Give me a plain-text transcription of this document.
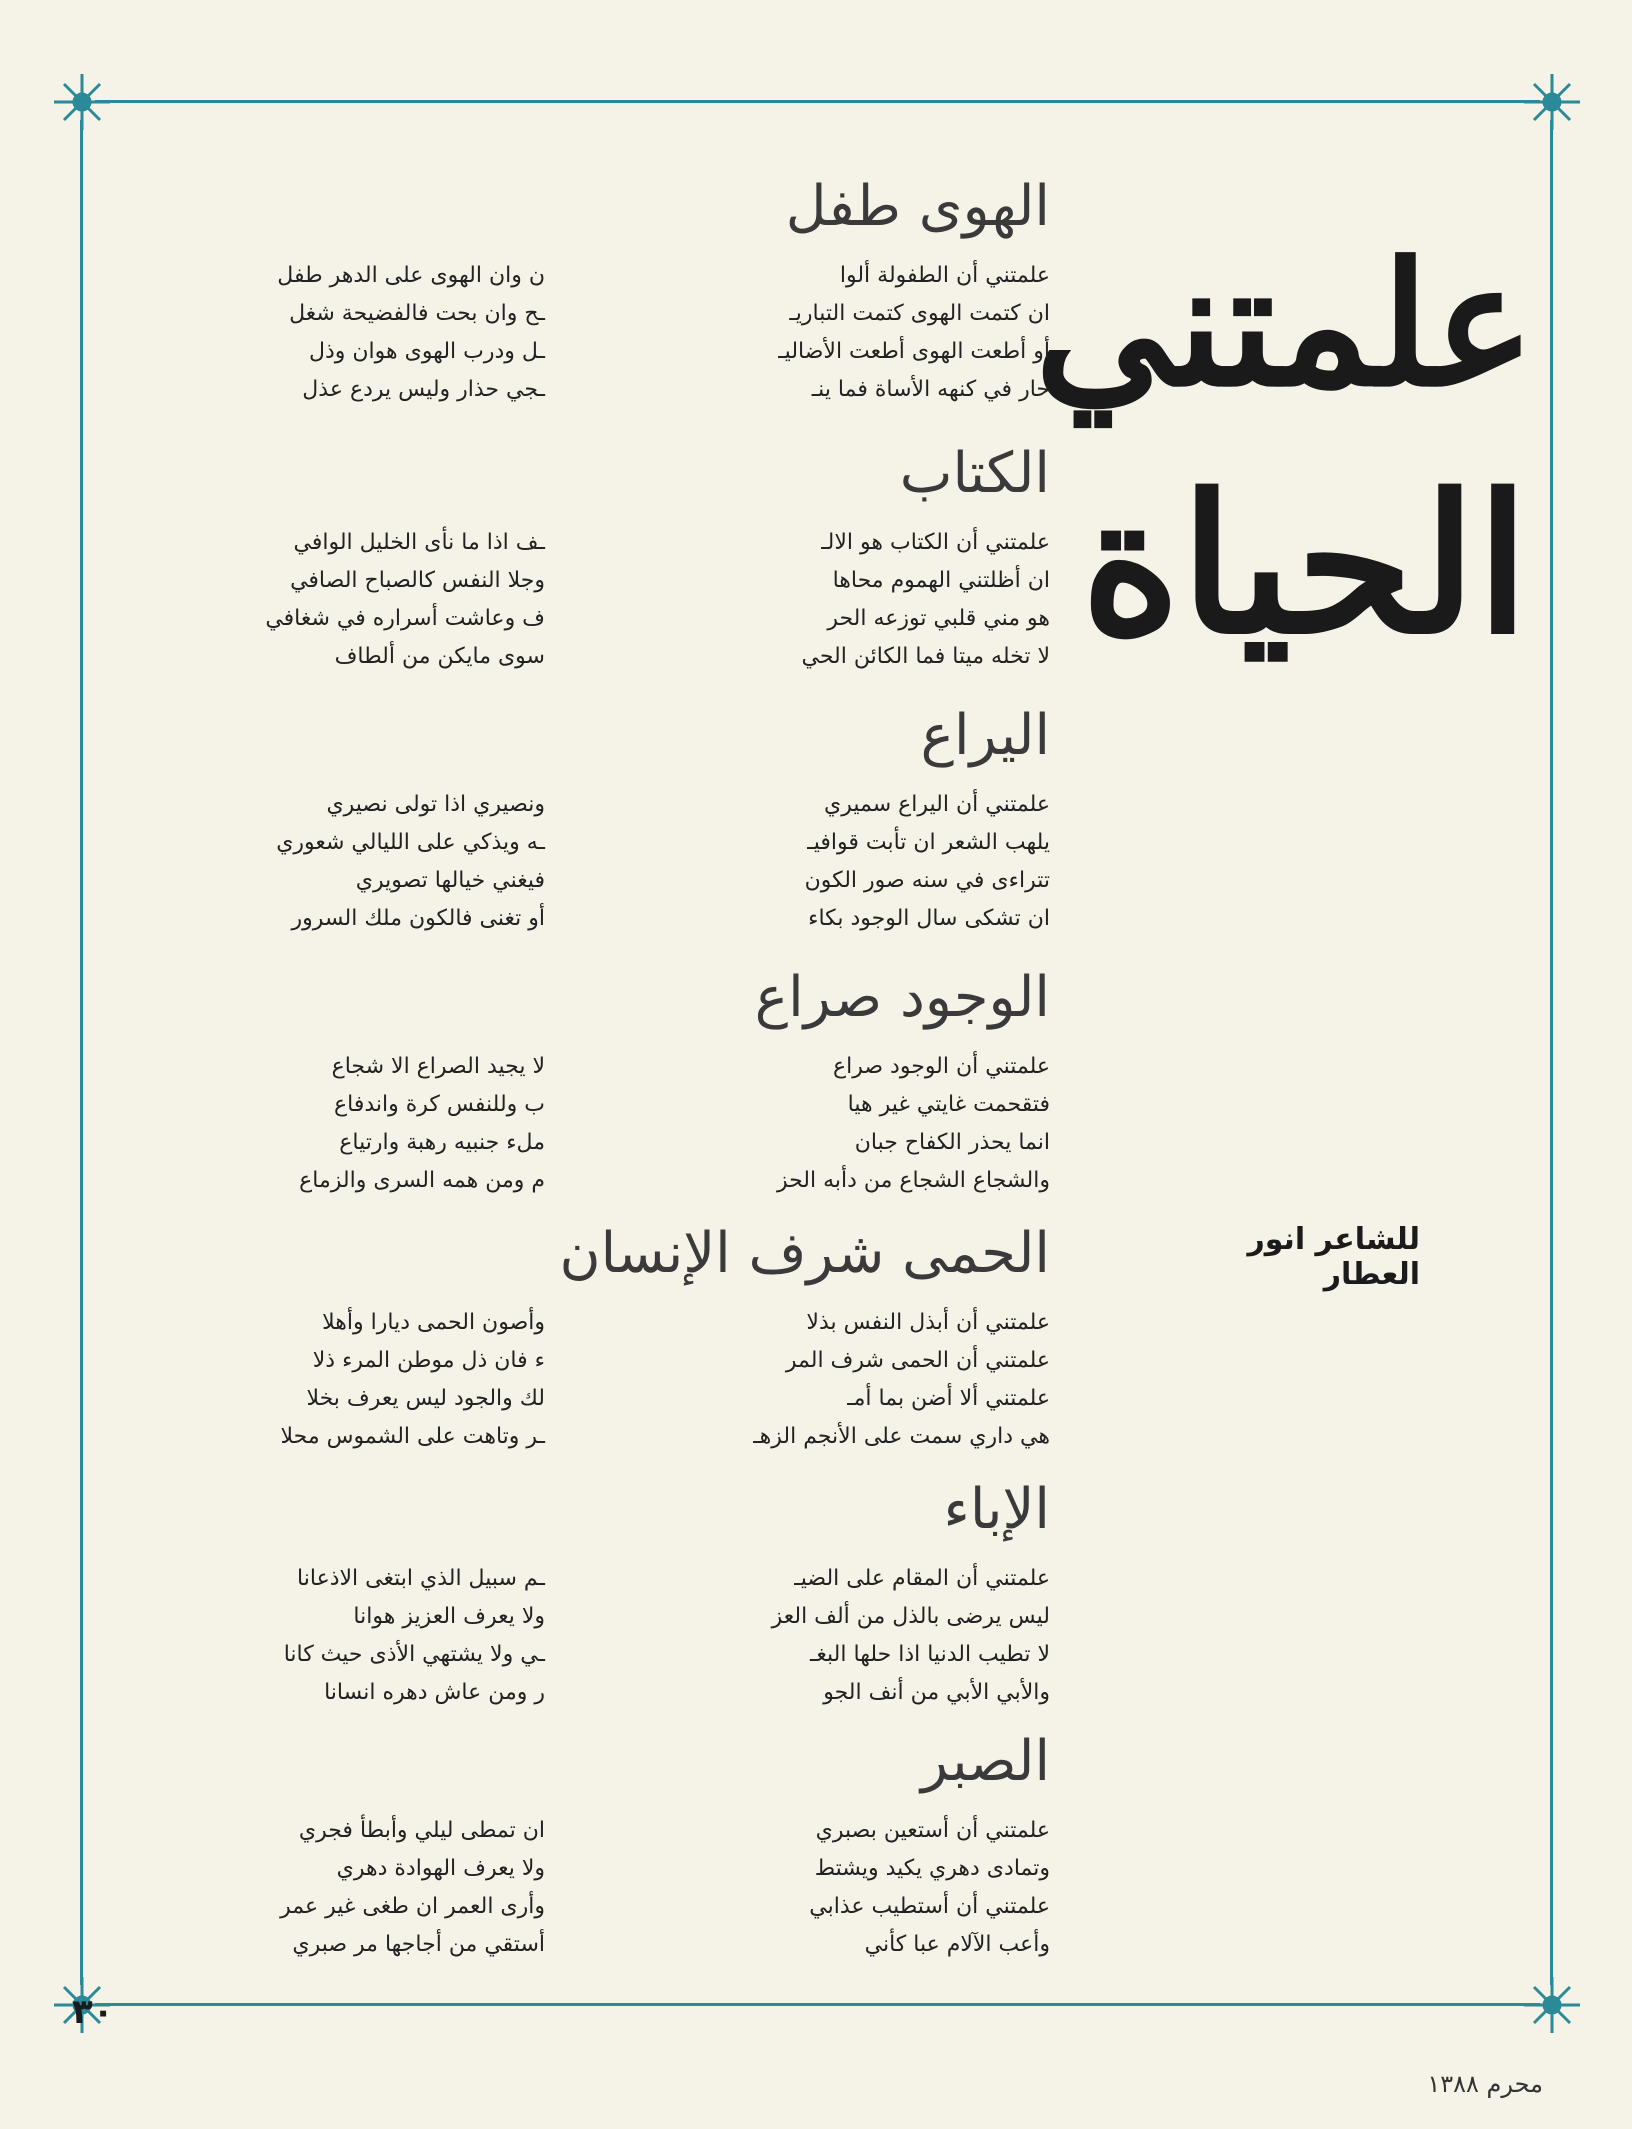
علمتني
الحياة
للشاعر انور العطار
الهوى طفل
علمتني أن الطفولة ألوا
ان كتمت الهوى كتمت التباريـ
أو أطعت الهوى أطعت الأضاليـ
حار في كنهه الأساة فما ينـ
ن وان الهوى على الدهر طفل
ـح وان بحت فالفضيحة شغل
ـل ودرب الهوى هوان وذل
ـجي حذار وليس يردع عذل
الكتاب
علمتني أن الكتاب هو الالـ
ان أظلتني الهموم محاها
هو مني قلبي توزعه الحر
لا تخله ميتا فما الكائن الحي
ـف اذا ما نأى الخليل الوافي
وجلا النفس كالصباح الصافي
ف وعاشت أسراره في شغافي
سوى مايكن من ألطاف
اليراع
علمتني أن اليراع سميري
يلهب الشعر ان تأبت قوافيـ
تتراءى في سنه صور الكون
ان تشكى سال الوجود بكاء
ونصيري اذا تولى نصيري
ـه ويذكي على الليالي شعوري
فيغني خيالها تصويري
أو تغنى فالكون ملك السرور
الوجود صراع
علمتني أن الوجود صراع
فتقحمت غايتي غير هيا
انما يحذر الكفاح جبان
والشجاع الشجاع من دأبه الحز
لا يجيد الصراع الا شجاع
ب وللنفس كرة واندفاع
ملء جنبيه رهبة وارتياع
م ومن همه السرى والزماع
الحمى شرف الإنسان
علمتني أن أبذل النفس بذلا
علمتني أن الحمى شرف المر
علمتني ألا أضن بما أمـ
هي داري سمت على الأنجم الزهـ
وأصون الحمى ديارا وأهلا
ء فان ذل موطن المرء ذلا
لك والجود ليس يعرف بخلا
ـر وتاهت على الشموس محلا
الإباء
علمتني أن المقام على الضيـ
ليس يرضى بالذل من ألف العز
لا تطيب الدنيا اذا حلها البغـ
والأبي الأبي من أنف الجو
ـم سبيل الذي ابتغى الاذعانا
ولا يعرف العزيز هوانا
ـي ولا يشتهي الأذى حيث كانا
ر ومن عاش دهره انسانا
الصبر
علمتني أن أستعين بصبري
وتمادى دهري يكيد ويشتط
علمتني أن أستطيب عذابي
وأعب الآلام عبا كأني
ان تمطى ليلي وأبطأ فجري
ولا يعرف الهوادة دهري
وأرى العمر ان طغى غير عمر
أستقي من أجاجها مر صبري
٣٠
محرم ١٣٨٨
